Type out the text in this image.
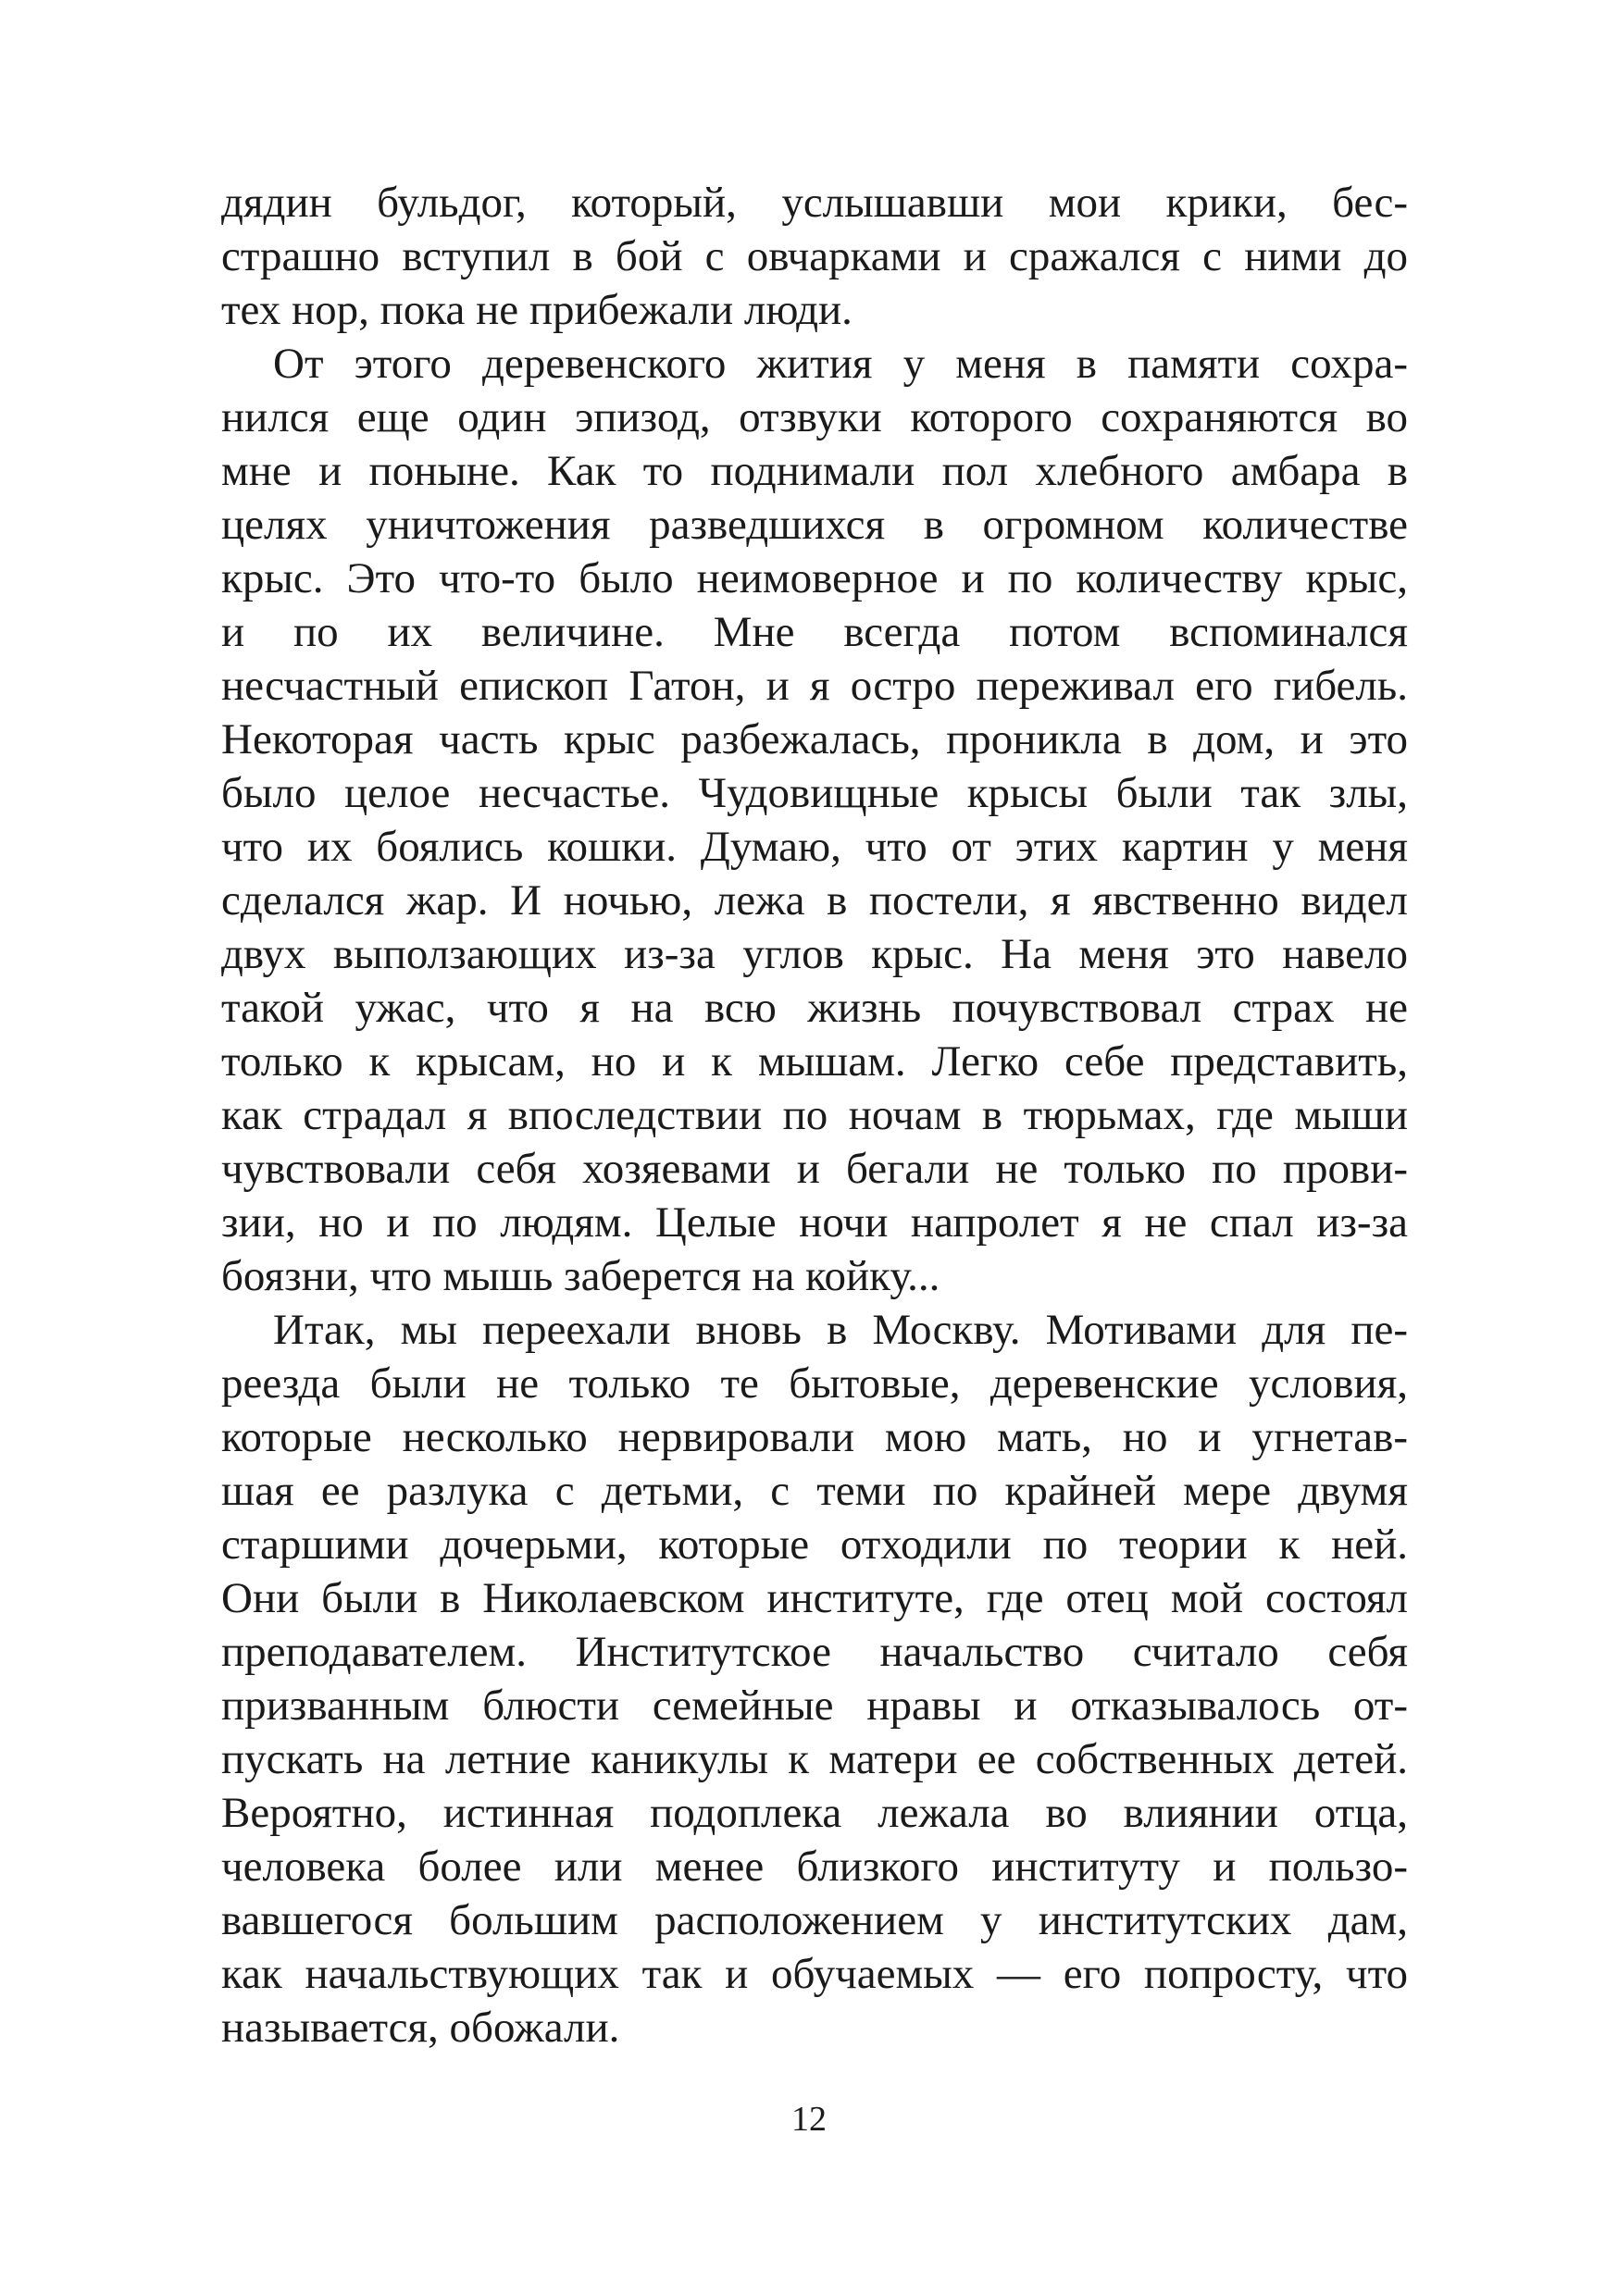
дядин бульдог, который, услышавши мои крики, бес-
страшно вступил в бой с овчарками и сражался с ними до
тех нор, пока не прибежали люди.
От этого деревенского жития у меня в памяти сохра-
нился еще один эпизод, отзвуки которого сохраняются во
мне и поныне. Как то поднимали пол хлебного амбара в
целях уничтожения разведшихся в огромном количестве
крыс. Это что-то было неимоверное и по количеству крыс,
и по их величине. Мне всегда потом вспоминался
несчастный епископ Гатон, и я остро переживал его гибель.
Некоторая часть крыс разбежалась, проникла в дом, и это
было целое несчастье. Чудовищные крысы были так злы,
что их боялись кошки. Думаю, что от этих картин у меня
сделался жар. И ночью, лежа в постели, я явственно видел
двух выползающих из-за углов крыс. На меня это навело
такой ужас, что я на всю жизнь почувствовал страх не
только к крысам, но и к мышам. Легко себе представить,
как страдал я впоследствии по ночам в тюрьмах, где мыши
чувствовали себя хозяевами и бегали не только по прови-
зии, но и по людям. Целые ночи напролет я не спал из-за
боязни, что мышь заберется на койку...
Итак, мы переехали вновь в Москву. Мотивами для пе-
реезда были не только те бытовые, деревенские условия,
которые несколько нервировали мою мать, но и угнетав-
шая ее разлука с детьми, с теми по крайней мере двумя
старшими дочерьми, которые отходили по теории к ней.
Они были в Николаевском институте, где отец мой состоял
преподавателем. Институтское начальство считало себя
призванным блюсти семейные нравы и отказывалось от-
пускать на летние каникулы к матери ее собственных детей.
Вероятно, истинная подоплека лежала во влиянии отца,
человека более или менее близкого институту и пользо-
вавшегося большим расположением у институтских дам,
как начальствующих так и обучаемых — его попросту, что
называется, обожали.
12
